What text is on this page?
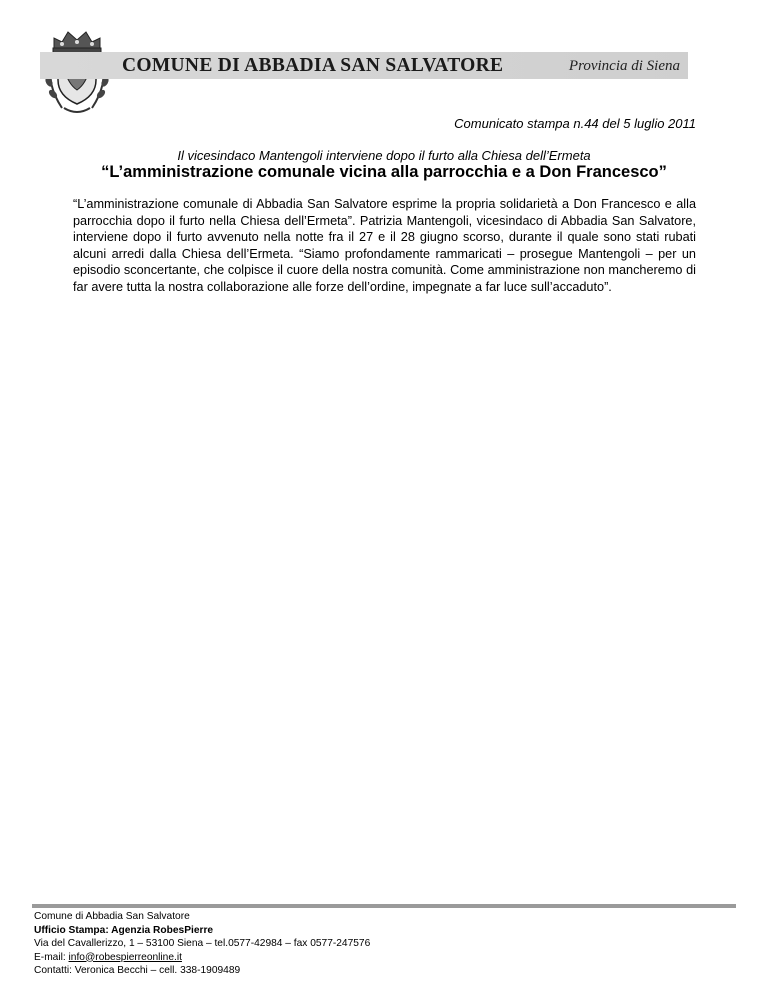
COMUNE DI ABBADIA SAN SALVATORE	Provincia di Siena
Comunicato stampa n.44 del 5 luglio 2011
Il vicesindaco Mantengoli interviene dopo il furto alla Chiesa dell’Ermeta
“L’amministrazione comunale vicina alla parrocchia e a Don Francesco”

“L’amministrazione comunale di Abbadia San Salvatore esprime la propria solidarietà a Don Francesco e alla parrocchia dopo il furto nella Chiesa dell’Ermeta”. Patrizia Mantengoli, vicesindaco di Abbadia San Salvatore, interviene dopo il furto avvenuto nella notte fra il 27 e il 28 giugno scorso, durante il quale sono stati rubati alcuni arredi dalla Chiesa dell’Ermeta. “Siamo profondamente rammaricati – prosegue Mantengoli – per un episodio sconcertante, che colpisce il cuore della nostra comunità. Come amministrazione non mancheremo di far avere tutta la nostra collaborazione alle forze dell’ordine, impegnate a far luce sull’accaduto”.

Comune di Abbadia San Salvatore
Ufficio Stampa: Agenzia RobesPierre
Via del Cavallerizzo, 1 – 53100 Siena – tel.0577-42984 – fax 0577-247576
E-mail: info@robespierreonline.it
Contatti: Veronica Becchi – cell. 338-1909489
